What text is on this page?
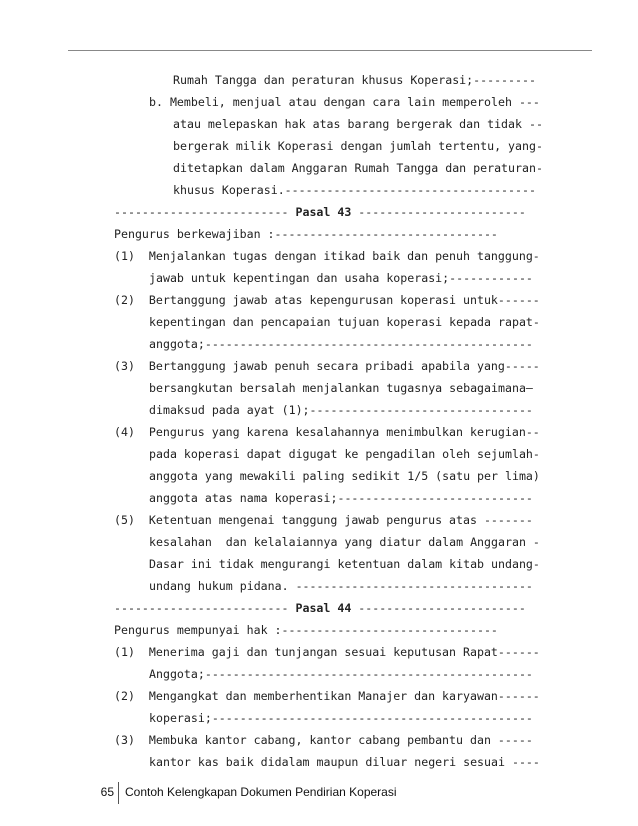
Rumah Tangga dan peraturan khusus Koperasi;---------
b. Membeli, menjual atau dengan cara lain memperoleh ---
atau melepaskan hak atas barang bergerak dan tidak --
bergerak milik Koperasi dengan jumlah tertentu, yang-
ditetapkan dalam Anggaran Rumah Tangga dan peraturan-
khusus Koperasi.------------------------------------
------------------------- Pasal 43 ------------------------
Pengurus berkewajiban :--------------------------------
(1)  Menjalankan tugas dengan itikad baik dan penuh tanggung-
jawab untuk kepentingan dan usaha koperasi;------------
(2)  Bertanggung jawab atas kepengurusan koperasi untuk------
kepentingan dan pencapaian tujuan koperasi kepada rapat-
anggota;-----------------------------------------------
(3)  Bertanggung jawab penuh secara pribadi apabila yang-----
bersangkutan bersalah menjalankan tugasnya sebagaimana—
dimaksud pada ayat (1);--------------------------------
(4)  Pengurus yang karena kesalahannya menimbulkan kerugian--
pada koperasi dapat digugat ke pengadilan oleh sejumlah-
anggota yang mewakili paling sedikit 1/5 (satu per lima)
anggota atas nama koperasi;----------------------------
(5)  Ketentuan mengenai tanggung jawab pengurus atas -------
kesalahan  dan kelalaiannya yang diatur dalam Anggaran -
Dasar ini tidak mengurangi ketentuan dalam kitab undang-
undang hukum pidana. ----------------------------------
------------------------- Pasal 44 ------------------------
Pengurus mempunyai hak :-------------------------------
(1)  Menerima gaji dan tunjangan sesuai keputusan Rapat------
Anggota;-----------------------------------------------
(2)  Mengangkat dan memberhentikan Manajer dan karyawan------
koperasi;----------------------------------------------
(3)  Membuka kantor cabang, kantor cabang pembantu dan -----
kantor kas baik didalam maupun diluar negeri sesuai ----
65 Contoh Kelengkapan Dokumen Pendirian Koperasi
